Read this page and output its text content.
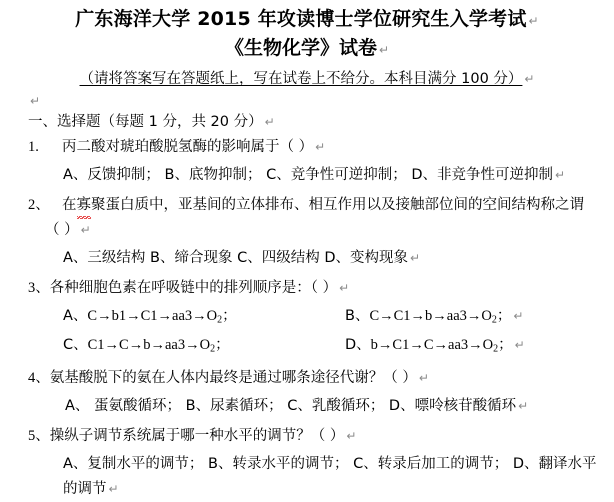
广东海洋大学 2015 年攻读博士学位研究生入学考试 ↵
《生物化学》试卷 ↵
（请将答案写在答题纸上，写在试卷上不给分。本科目满分 100 分） ↵
↵
一、选择题（每题 1 分，共 20 分） ↵
1. 丙二酸对琥珀酸脱氢酶的影响属于（ ） ↵
A、反馈抑制； B、底物抑制； C、竞争性可逆抑制； D、非竞争性可逆抑制 ↵
2、 在寡聚蛋白质中，亚基间的立体排布、相互作用以及接触部位间的空间结构称之谓
（ ） ↵
A、三级结构 B、缔合现象 C、四级结构 D、变构现象 ↵
3、各种细胞色素在呼吸链中的排列顺序是：（ ） ↵
A、$C\to b1\to C1\to aa3\to O_2$；	B、$C\to C1\to b\to aa3\to O_2$； ↵
C、$C1\to C\to b\to aa3\to O_2$；	D、$b\to C1\to C\to aa3\to O_2$； ↵
4、氨基酸脱下的氨在人体内最终是通过哪条途径代谢？（ ） ↵
A、 蛋氨酸循环； B、尿素循环； C、乳酸循环； D、嘌呤核苷酸循环 ↵
5、操纵子调节系统属于哪一种水平的调节？（ ） ↵
A、复制水平的调节； B、转录水平的调节； C、转录后加工的调节； D、翻译水平
的调节 ↵
